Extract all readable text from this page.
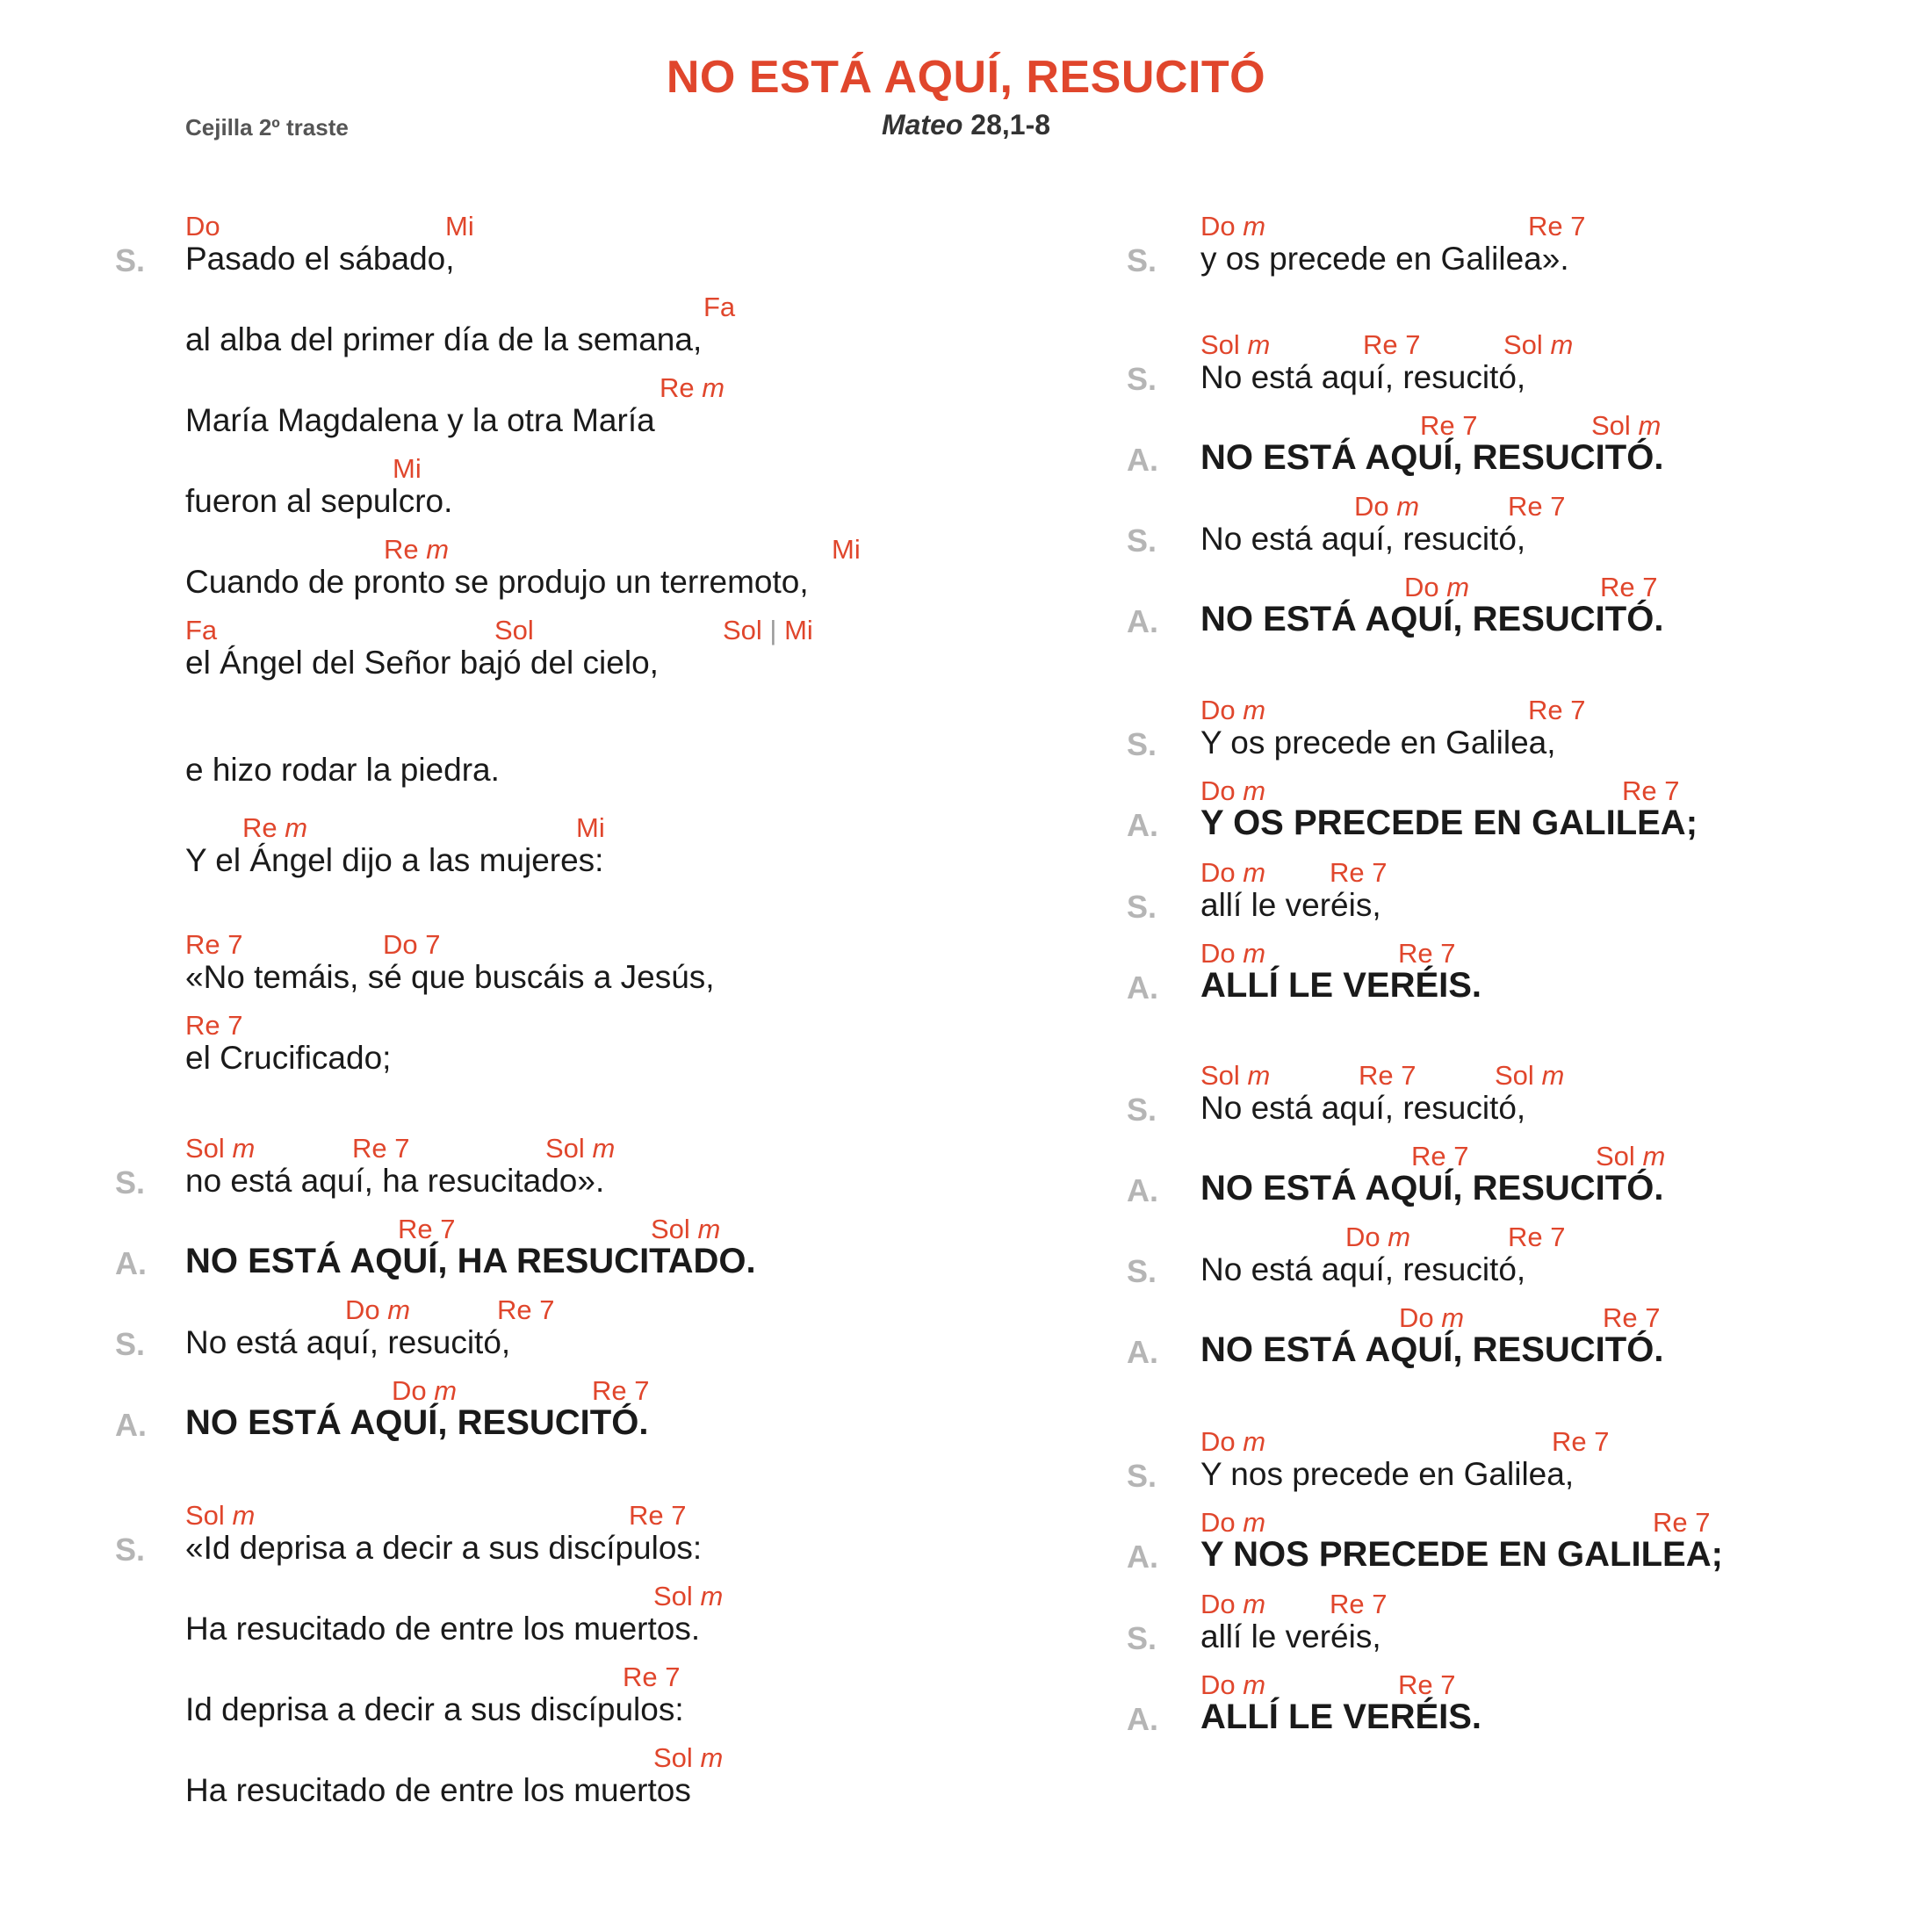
NO ESTÁ AQUÍ, RESUCITÓ
Cejilla 2º traste	Mateo 28,1-8
S.
Do	Mi
Pasado el sábado,
Fa
al alba del primer día de la semana,
Re m
María Magdalena y la otra María
Mi
fueron al sepulcro.
Re m	Mi
Cuando de pronto se produjo un terremoto,
Fa	Sol	Sol | Mi
el Ángel del Señor bajó del cielo,
e hizo rodar la piedra.
Re m	Mi
Y el Ángel dijo a las mujeres:
Re 7	Do 7
«No temáis, sé que buscáis a Jesús,
Re 7
el Crucificado;
S.
Sol m	Re 7	Sol m
no está aquí, ha resucitado».
A.
Re 7	Sol m
NO ESTÁ AQUÍ, HA RESUCITADO.
S.
Do m	Re 7
No está aquí, resucitó,
A.
Do m	Re 7
NO ESTÁ AQUÍ, RESUCITÓ.
S.
Sol m	Re 7
«Id deprisa a decir a sus discípulos:
Sol m
Ha resucitado de entre los muertos.
Re 7
Id deprisa a decir a sus discípulos:
Sol m
Ha resucitado de entre los muertos
S.
Do m	Re 7
y os precede en Galilea».
S.
Sol m	Re 7	Sol m
No está aquí, resucitó,
A.
Re 7	Sol m
NO ESTÁ AQUÍ, RESUCITÓ.
S.
Do m	Re 7
No está aquí, resucitó,
A.
Do m	Re 7
NO ESTÁ AQUÍ, RESUCITÓ.
S.
Do m	Re 7
Y os precede en Galilea,
A.
Do m	Re 7
Y OS PRECEDE EN GALILEA;
S.
Do m Re 7
allí le veréis,
A.
Do m	Re 7
ALLÍ LE VERÉIS.
S.
Sol m	Re 7	Sol m
No está aquí, resucitó,
A.
Re 7	Sol m
NO ESTÁ AQUÍ, RESUCITÓ.
S.
Do m	Re 7
No está aquí, resucitó,
A.
Do m	Re 7
NO ESTÁ AQUÍ, RESUCITÓ.
S.
Do m	Re 7
Y nos precede en Galilea,
A.
Do m	Re 7
Y NOS PRECEDE EN GALILEA;
S.
Do m Re 7
allí le veréis,
A.
Do m	Re 7
ALLÍ LE VERÉIS.
